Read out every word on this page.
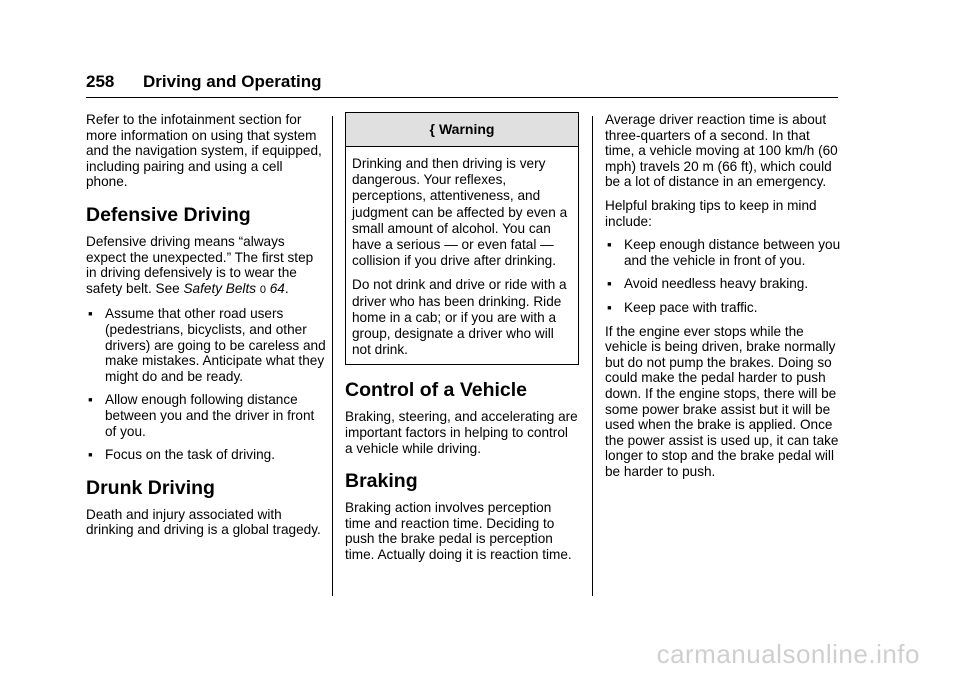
258 Driving and Operating

Refer to the infotainment section for more information on using that system and the navigation system, if equipped, including pairing and using a cell phone.

Defensive Driving

Defensive driving means “always expect the unexpected.” The first step in driving defensively is to wear the safety belt. See Safety Belts 0 64.

▪ Assume that other road users (pedestrians, bicyclists, and other drivers) are going to be careless and make mistakes. Anticipate what they might do and be ready.
▪ Allow enough following distance between you and the driver in front of you.
▪ Focus on the task of driving.
Drunk Driving

Death and injury associated with drinking and driving is a global tragedy.

{ Warning

Drinking and then driving is very dangerous. Your reflexes, perceptions, attentiveness, and judgment can be affected by even a small amount of alcohol. You can have a serious — or even fatal — collision if you drive after drinking.

Do not drink and drive or ride with a driver who has been drinking. Ride home in a cab; or if you are with a group, designate a driver who will not drink.

Control of a Vehicle

Braking, steering, and accelerating are important factors in helping to control a vehicle while driving.

Braking

Braking action involves perception time and reaction time. Deciding to push the brake pedal is perception time. Actually doing it is reaction time.

Average driver reaction time is about three-quarters of a second. In that time, a vehicle moving at 100 km/h (60 mph) travels 20 m (66 ft), which could be a lot of distance in an emergency.

Helpful braking tips to keep in mind include:

▪ Keep enough distance between you and the vehicle in front of you.
▪ Avoid needless heavy braking.
▪ Keep pace with traffic.

If the engine ever stops while the vehicle is being driven, brake normally but do not pump the brakes. Doing so could make the pedal harder to push down. If the engine stops, there will be some power brake assist but it will be used when the brake is applied. Once the power assist is used up, it can take longer to stop and the brake pedal will be harder to push.

carmanualsonline.info
